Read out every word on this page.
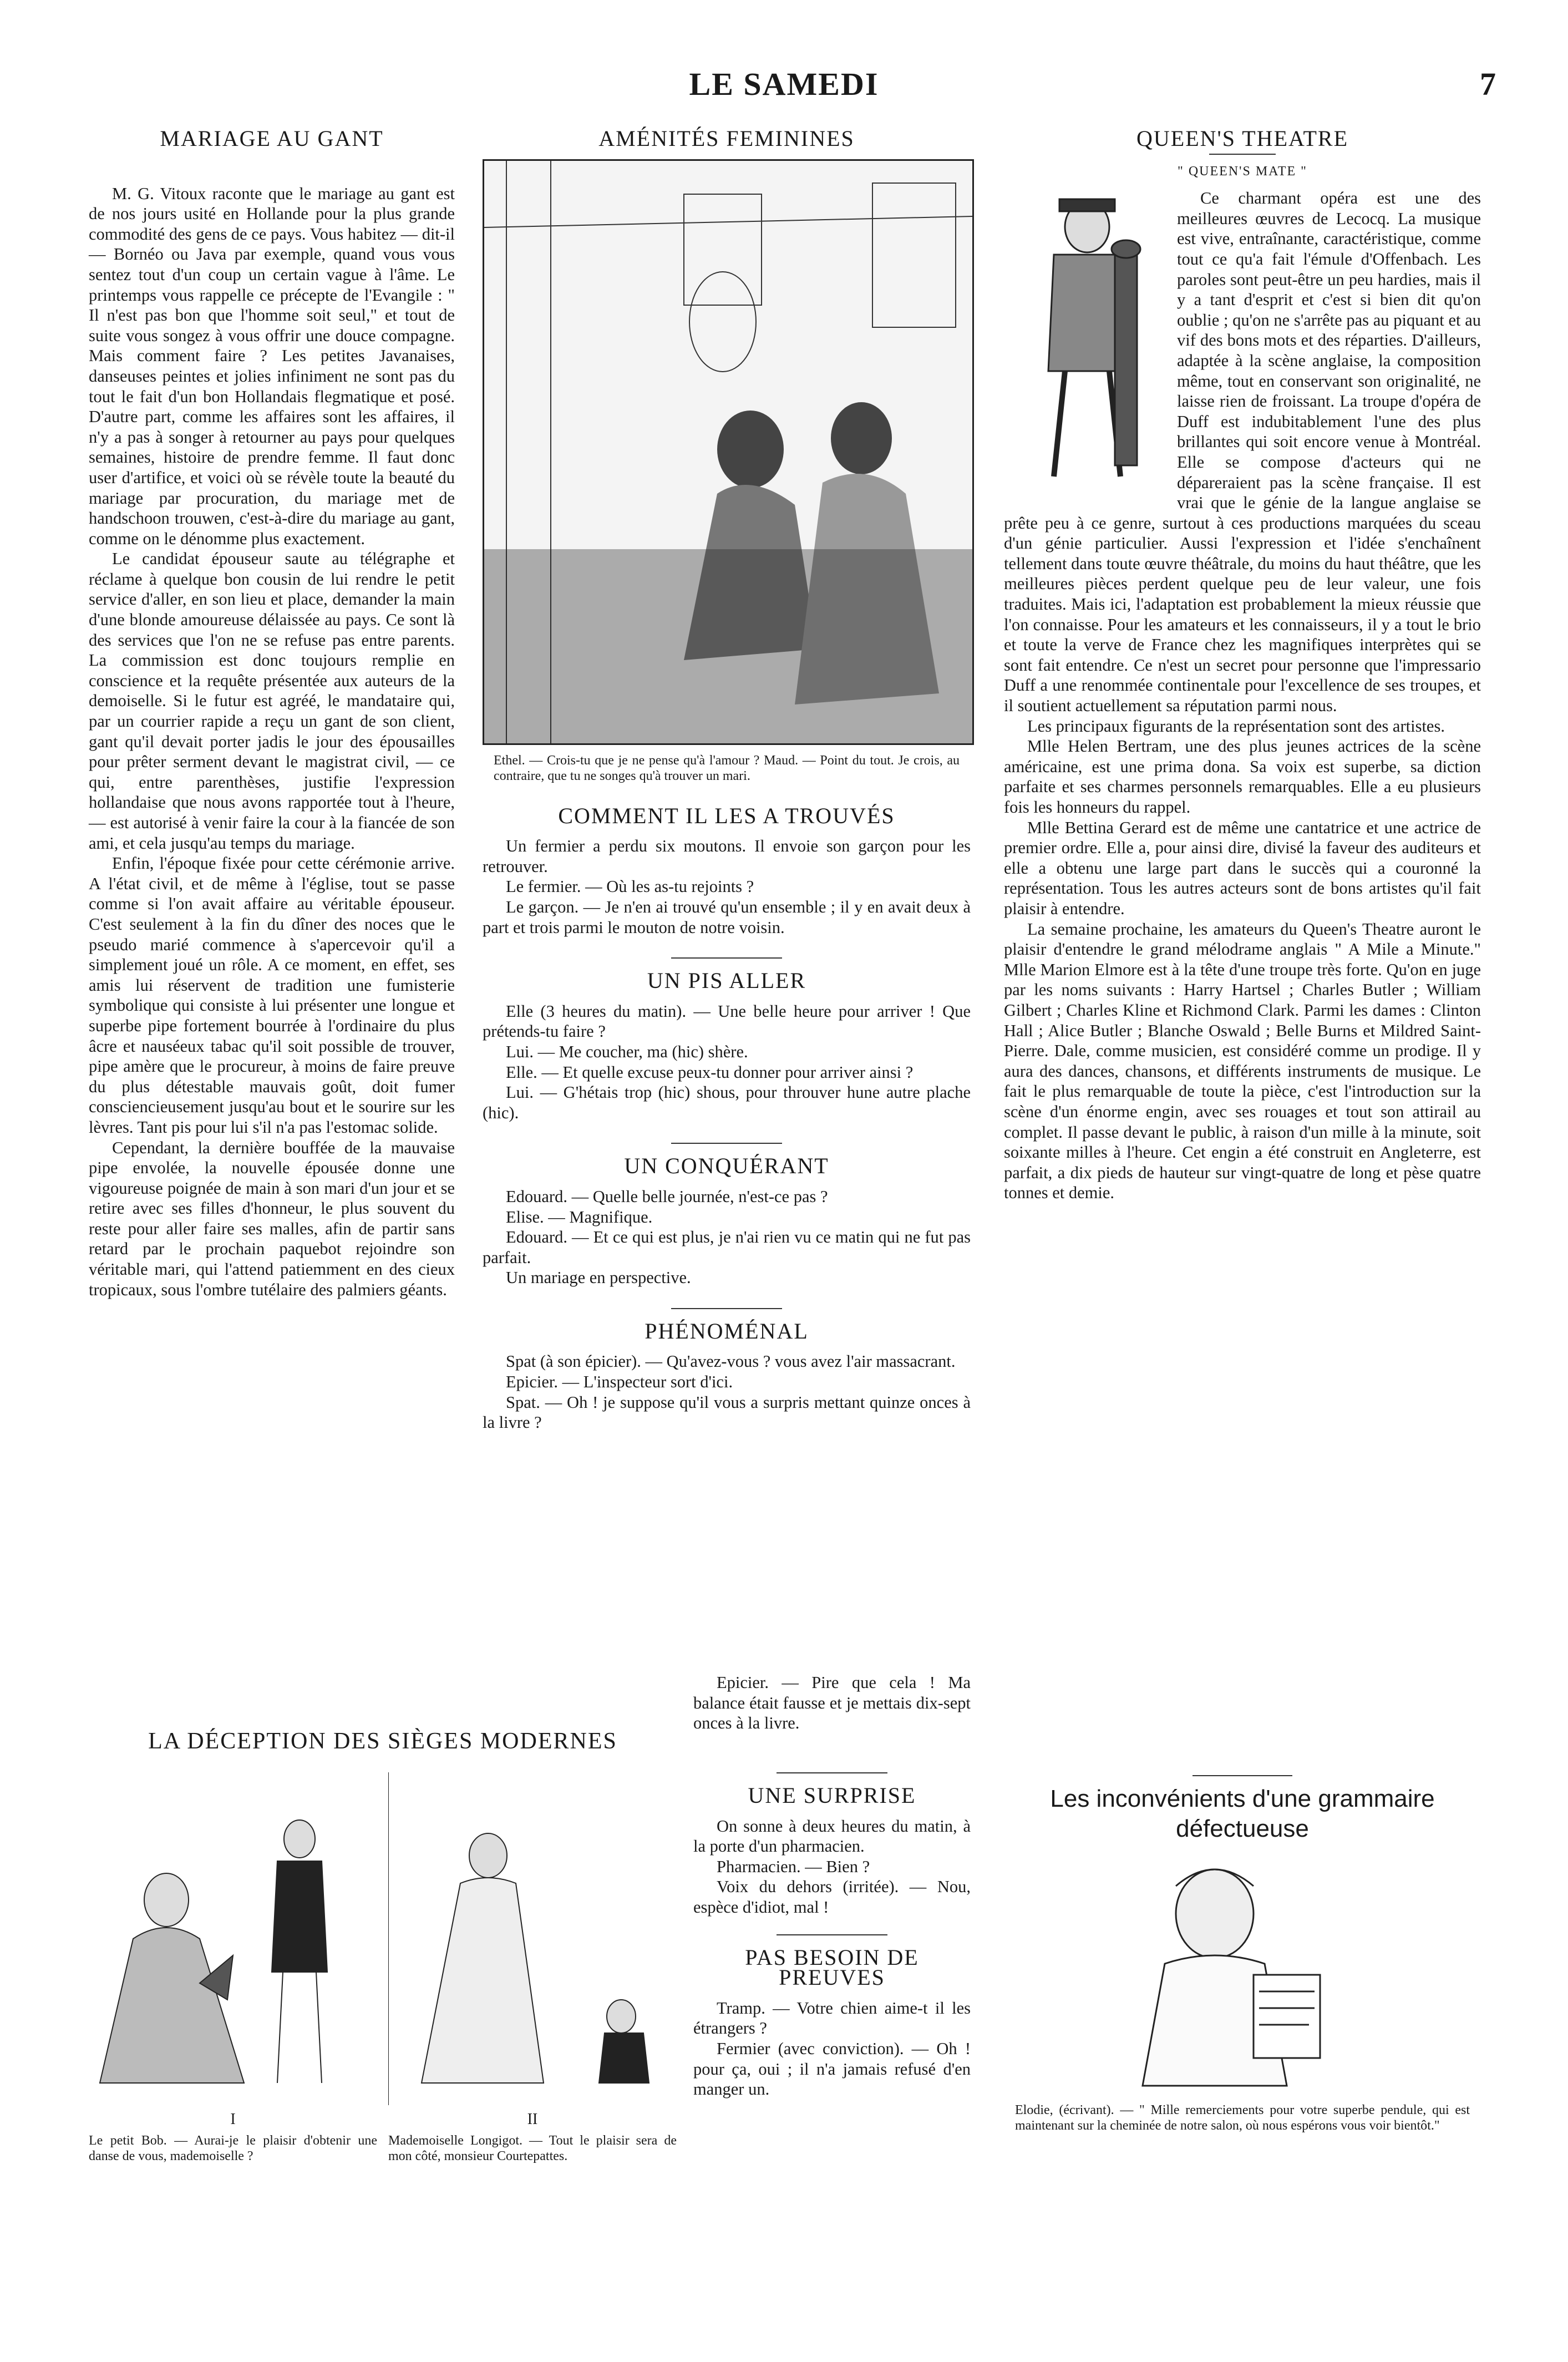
LE SAMEDI	7
MARIAGE AU GANT

M. G. Vitoux raconte que le mariage au gant est de nos jours usité en Hollande pour la plus grande commodité des gens de ce pays. Vous habitez — dit-il — Bornéo ou Java par exemple, quand vous vous sentez tout d'un coup un certain vague à l'âme. Le printemps vous rappelle ce précepte de l'Evangile : " Il n'est pas bon que l'homme soit seul," et tout de suite vous songez à vous offrir une douce compagne. Mais comment faire ? Les petites Javanaises, danseuses peintes et jolies infiniment ne sont pas du tout le fait d'un bon Hollandais flegmatique et posé. D'autre part, comme les affaires sont les affaires, il n'y a pas à songer à retourner au pays pour quelques semaines, histoire de prendre femme. Il faut donc user d'artifice, et voici où se révèle toute la beauté du mariage par procuration, du mariage met de handschoon trouwen, c'est-à-dire du mariage au gant, comme on le dénomme plus exactement.

Le candidat épouseur saute au télégraphe et réclame à quelque bon cousin de lui rendre le petit service d'aller, en son lieu et place, demander la main d'une blonde amoureuse délaissée au pays. Ce sont là des services que l'on ne se refuse pas entre parents. La commission est donc toujours remplie en conscience et la requête présentée aux auteurs de la demoiselle. Si le futur est agréé, le mandataire qui, par un courrier rapide a reçu un gant de son client, gant qu'il devait porter jadis le jour des épousailles pour prêter serment devant le magistrat civil, — ce qui, entre parenthèses, justifie l'expression hollandaise que nous avons rapportée tout à l'heure, — est autorisé à venir faire la cour à la fiancée de son ami, et cela jusqu'au temps du mariage.

Enfin, l'époque fixée pour cette cérémonie arrive. A l'état civil, et de même à l'église, tout se passe comme si l'on avait affaire au véritable épouseur. C'est seulement à la fin du dîner des noces que le pseudo marié commence à s'apercevoir qu'il a simplement joué un rôle. A ce moment, en effet, ses amis lui réservent de tradition une fumisterie symbolique qui consiste à lui présenter une longue et superbe pipe fortement bourrée à l'ordinaire du plus âcre et nauséeux tabac qu'il soit possible de trouver, pipe amère que le procureur, à moins de faire preuve du plus détestable mauvais goût, doit fumer consciencieusement jusqu'au bout et le sourire sur les lèvres. Tant pis pour lui s'il n'a pas l'estomac solide.

Cependant, la dernière bouffée de la mauvaise pipe envolée, la nouvelle épousée donne une vigoureuse poignée de main à son mari d'un jour et se retire avec ses filles d'honneur, le plus souvent du reste pour aller faire ses malles, afin de partir sans retard par le prochain paquebot rejoindre son véritable mari, qui l'attend patiemment en des cieux tropicaux, sous l'ombre tutélaire des palmiers géants.

AMÉNITÉS FEMININES
Ethel. — Crois-tu que je ne pense qu'à l'amour ? Maud. — Point du tout. Je crois, au contraire, que tu ne songes qu'à trouver un mari.
COMMENT IL LES A TROUVÉS

Un fermier a perdu six moutons. Il envoie son garçon pour les retrouver.

Le fermier. — Où les as-tu rejoints ?

Le garçon. — Je n'en ai trouvé qu'un ensemble ; il y en avait deux à part et trois parmi le mouton de notre voisin.

UN PIS ALLER

Elle (3 heures du matin). — Une belle heure pour arriver ! Que prétends-tu faire ?

Lui. — Me coucher, ma (hic) shère.

Elle. — Et quelle excuse peux-tu donner pour arriver ainsi ?

Lui. — G'hétais trop (hic) shous, pour throuver hune autre plache (hic).

UN CONQUÉRANT

Edouard. — Quelle belle journée, n'est-ce pas ?

Elise. — Magnifique.

Edouard. — Et ce qui est plus, je n'ai rien vu ce matin qui ne fut pas parfait.

Un mariage en perspective.

PHÉNOMÉNAL

Spat (à son épicier). — Qu'avez-vous ? vous avez l'air massacrant.

Epicier. — L'inspecteur sort d'ici.

Spat. — Oh ! je suppose qu'il vous a surpris mettant quinze onces à la livre ?

Epicier. — Pire que cela ! Ma balance était fausse et je mettais dix-sept onces à la livre.

UNE SURPRISE

On sonne à deux heures du matin, à la porte d'un pharmacien.

Pharmacien. — Bien ?

Voix du dehors (irritée). — Nou, espèce d'idiot, mal !

PAS BESOIN DE PREUVES

Tramp. — Votre chien aime-t il les étrangers ?

Fermier (avec conviction). — Oh ! pour ça, oui ; il n'a jamais refusé d'en manger un.

LA DÉCEPTION DES SIÈGES MODERNES
I	II
Le petit Bob. — Aurai-je le plaisir d'obtenir une danse de vous, mademoiselle ?
Mademoiselle Longigot. — Tout le plaisir sera de mon côté, monsieur Courtepattes.
QUEEN'S THEATRE
" QUEEN'S MATE "

Ce charmant opéra est une des meilleures œuvres de Lecocq. La musique est vive, entraînante, caractéristique, comme tout ce qu'a fait l'émule d'Offenbach. Les paroles sont peut-être un peu hardies, mais il y a tant d'esprit et c'est si bien dit qu'on oublie ; qu'on ne s'arrête pas au piquant et au vif des bons mots et des réparties. D'ailleurs, adaptée à la scène anglaise, la composition même, tout en conservant son originalité, ne laisse rien de froissant. La troupe d'opéra de Duff est indubitablement l'une des plus brillantes qui soit encore venue à Montréal. Elle se compose d'acteurs qui ne dépareraient pas la scène française. Il est vrai que le génie de la langue anglaise se prête peu à ce genre, surtout à ces productions marquées du sceau d'un génie particulier. Aussi l'expression et l'idée s'enchaînent tellement dans toute œuvre théâtrale, du moins du haut théâtre, que les meilleures pièces perdent quelque peu de leur valeur, une fois traduites. Mais ici, l'adaptation est probablement la mieux réussie que l'on connaisse. Pour les amateurs et les connaisseurs, il y a tout le brio et toute la verve de France chez les magnifiques interprètes qui se sont fait entendre. Ce n'est un secret pour personne que l'impressario Duff a une renommée continentale pour l'excellence de ses troupes, et il soutient actuellement sa réputation parmi nous.

Les principaux figurants de la représentation sont des artistes.

Mlle Helen Bertram, une des plus jeunes actrices de la scène américaine, est une prima dona. Sa voix est superbe, sa diction parfaite et ses charmes personnels remarquables. Elle a eu plusieurs fois les honneurs du rappel.

Mlle Bettina Gerard est de même une cantatrice et une actrice de premier ordre. Elle a, pour ainsi dire, divisé la faveur des auditeurs et elle a obtenu une large part dans le succès qui a couronné la représentation. Tous les autres acteurs sont de bons artistes qu'il fait plaisir à entendre.

La semaine prochaine, les amateurs du Queen's Theatre auront le plaisir d'entendre le grand mélodrame anglais " A Mile a Minute." Mlle Marion Elmore est à la tête d'une troupe très forte. Qu'on en juge par les noms suivants : Harry Hartsel ; Charles Butler ; William Gilbert ; Charles Kline et Richmond Clark. Parmi les dames : Clinton Hall ; Alice Butler ; Blanche Oswald ; Belle Burns et Mildred Saint-Pierre. Dale, comme musicien, est considéré comme un prodige. Il y aura des dances, chansons, et différents instruments de musique. Le fait le plus remarquable de toute la pièce, c'est l'introduction sur la scène d'un énorme engin, avec ses rouages et tout son attirail au complet. Il passe devant le public, à raison d'un mille à la minute, soit soixante milles à l'heure. Cet engin a été construit en Angleterre, est parfait, a dix pieds de hauteur sur vingt-quatre de long et pèse quatre tonnes et demie.

Les inconvénients d'une grammaire défectueuse
Elodie, (écrivant). — " Mille remerciements pour votre superbe pendule, qui est maintenant sur la cheminée de notre salon, où nous espérons vous voir bientôt."
